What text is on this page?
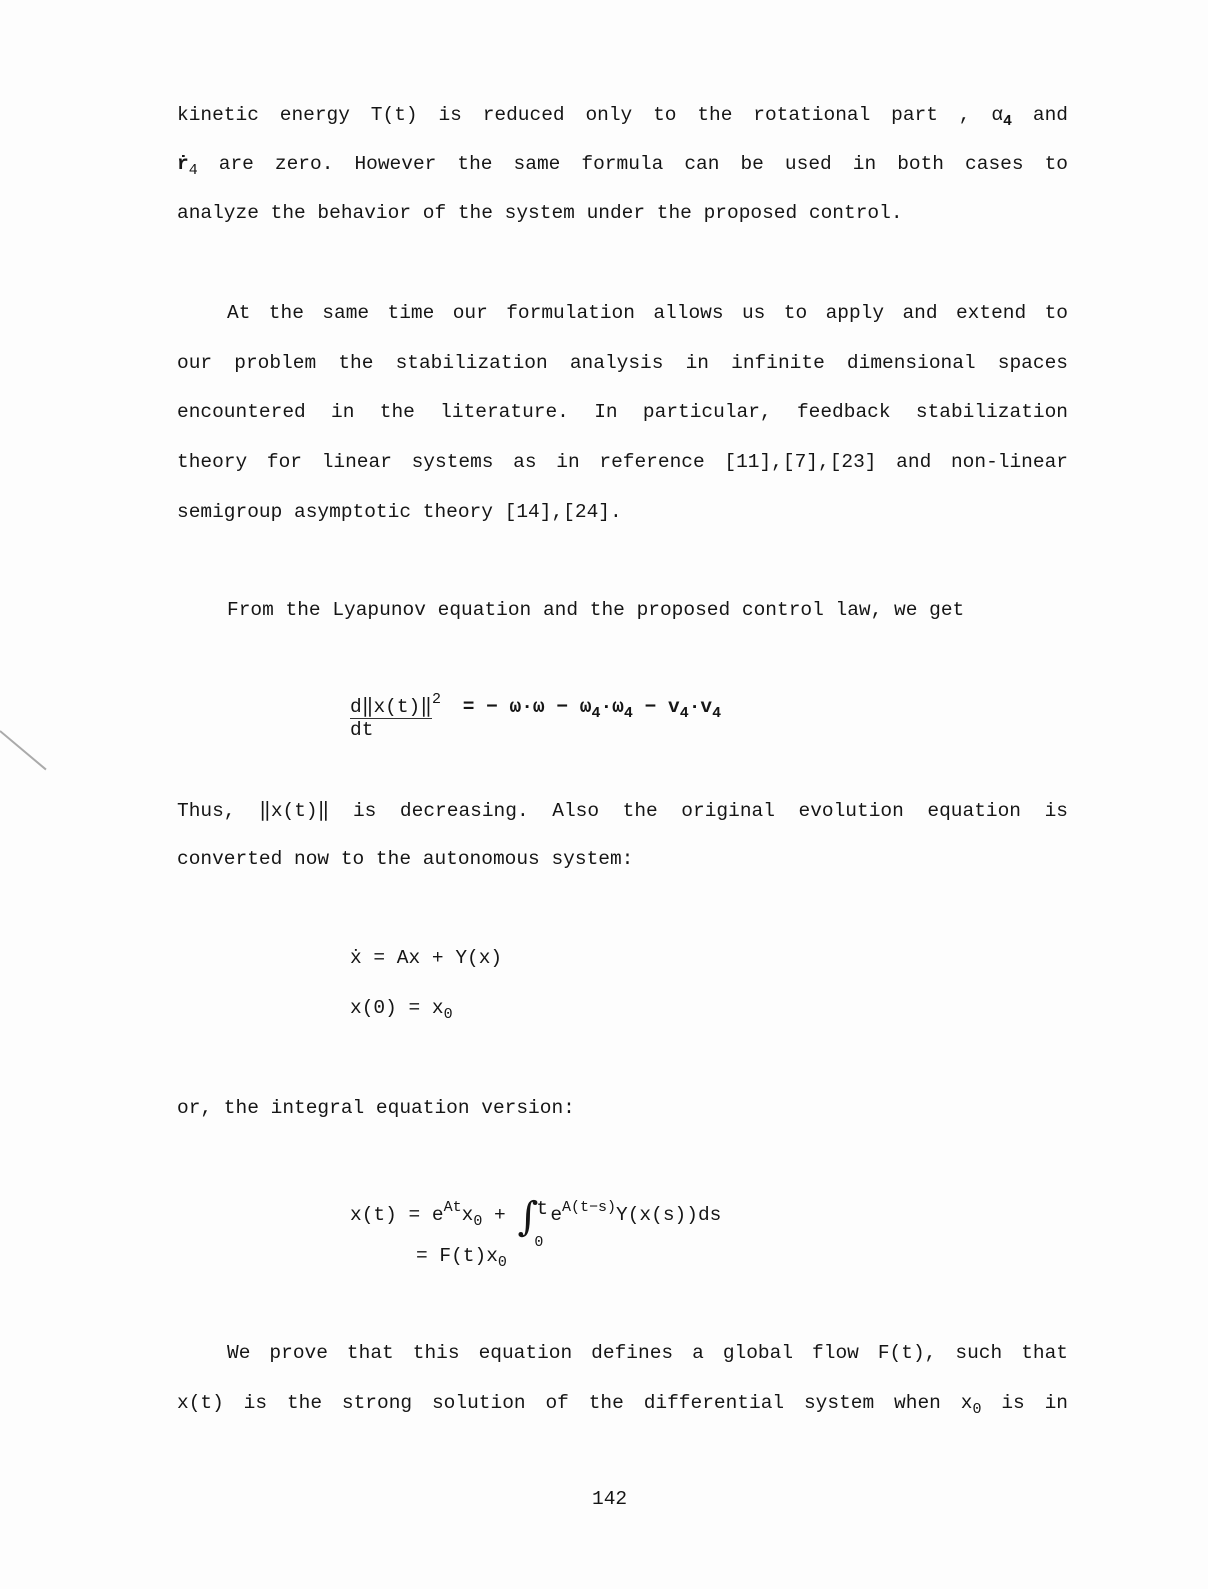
kinetic energy T(t) is reduced only to the rotational part , $\alpha_4$ and
ṙ$_4$ are zero. However the same formula can be used in both cases to
analyze the behavior of the system under the proposed control.
At the same time our formulation allows us to apply and extend to
our problem the stabilization analysis in infinite dimensional spaces
encountered in the literature. In particular, feedback stabilization
theory for linear systems as in reference [11],[7],[23] and non-linear
semigroup asymptotic theory [14],[24].
From the Lyapunov equation and the proposed control law, we get
d‖x(t)‖$^2$ = − $\omega\cdot\omega - \omega_4\cdot\omega_4 - v_4\cdot v_4$
dt
Thus, ‖x(t)‖ is decreasing. Also the original evolution equation is
converted now to the autonomous system:
ẋ = Ax + Y(x)
$x(0) = x_0$
or, the integral equation version:
$x(t) = e^{At}x_0$ + ∫
t
0
$e^{A(t-s)}Y(x(s))ds$
= $F(t)x_0$
We prove that this equation defines a global flow F(t), such that
x(t) is the strong solution of the differential system when $x_0$ is in
142
